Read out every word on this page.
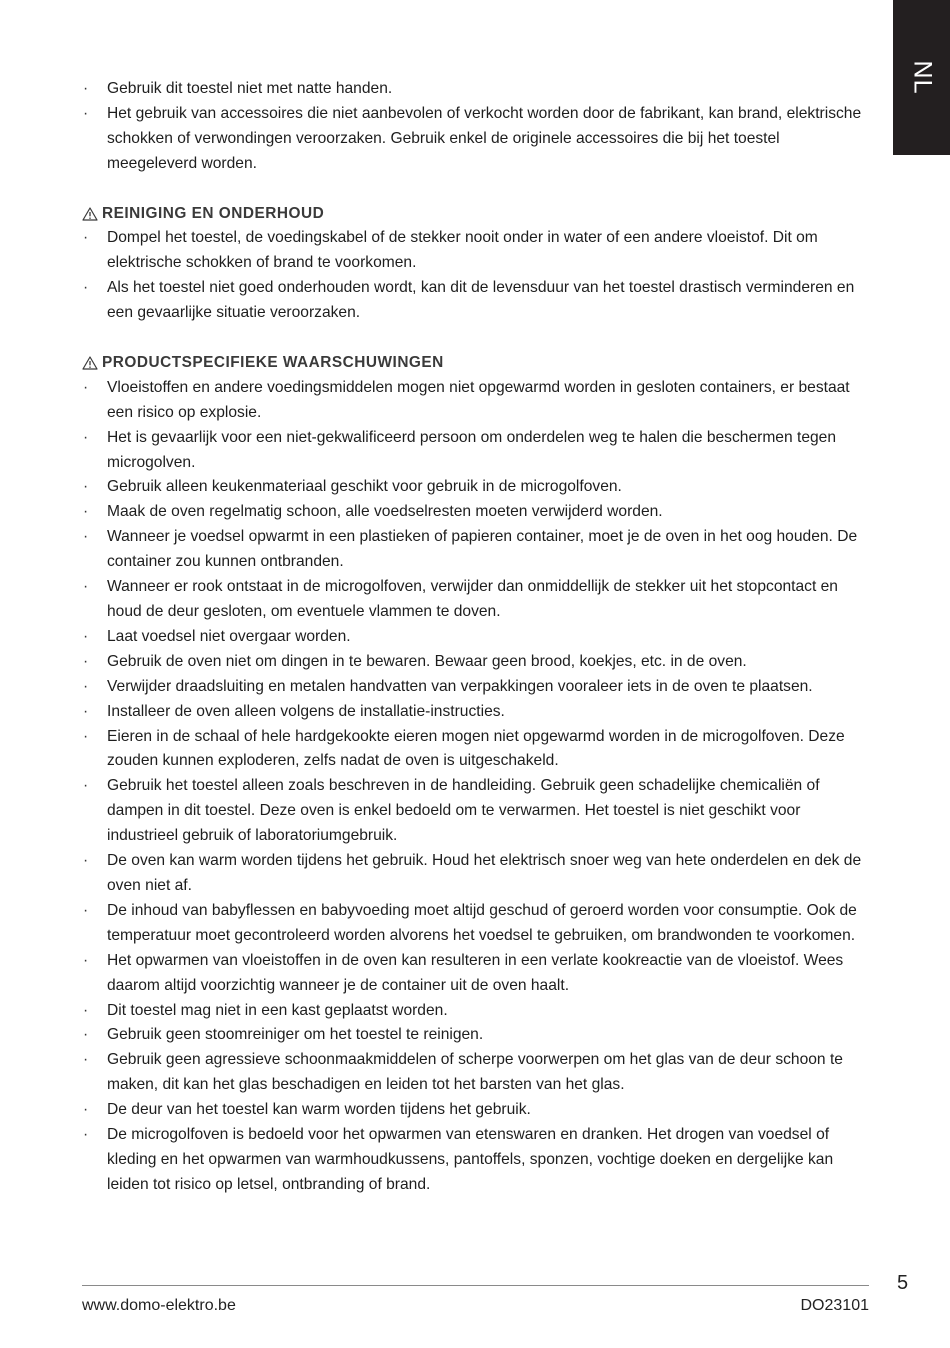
NL
· Gebruik dit toestel niet met natte handen.
· Het gebruik van accessoires die niet aanbevolen of verkocht worden door de fabrikant, kan brand, elektrische schokken of verwondingen veroorzaken. Gebruik enkel de originele accessoires die bij het toestel meegeleverd worden.
REINIGING EN ONDERHOUD
· Dompel het toestel, de voedingskabel of de stekker nooit onder in water of een andere vloeistof. Dit om elektrische schokken of brand te voorkomen.
· Als het toestel niet goed onderhouden wordt, kan dit de levensduur van het toestel drastisch verminderen en een gevaarlijke situatie veroorzaken.
PRODUCTSPECIFIEKE WAARSCHUWINGEN
· Vloeistoffen en andere voedingsmiddelen mogen niet opgewarmd worden in gesloten containers, er bestaat een risico op explosie.
· Het is gevaarlijk voor een niet-gekwalificeerd persoon om onderdelen weg te halen die beschermen tegen microgolven.
· Gebruik alleen keukenmateriaal geschikt voor gebruik in de microgolfoven.
· Maak de oven regelmatig schoon, alle voedselresten moeten verwijderd worden.
· Wanneer je voedsel opwarmt in een plastieken of papieren container, moet je de oven in het oog houden. De container zou kunnen ontbranden.
· Wanneer er rook ontstaat in de microgolfoven, verwijder dan onmiddellijk de stekker uit het stopcontact en houd de deur gesloten, om eventuele vlammen te doven.
· Laat voedsel niet overgaar worden.
· Gebruik de oven niet om dingen in te bewaren. Bewaar geen brood, koekjes, etc. in de oven.
· Verwijder draadsluiting en metalen handvatten van verpakkingen vooraleer iets in de oven te plaatsen.
· Installeer de oven alleen volgens de installatie-instructies.
· Eieren in de schaal of hele hardgekookte eieren mogen niet opgewarmd worden in de microgolfoven. Deze zouden kunnen exploderen, zelfs nadat de oven is uitgeschakeld.
· Gebruik het toestel alleen zoals beschreven in de handleiding. Gebruik geen schadelijke chemicaliën of dampen in dit toestel. Deze oven is enkel bedoeld om te verwarmen. Het toestel is niet geschikt voor industrieel gebruik of laboratoriumgebruik.
· De oven kan warm worden tijdens het gebruik. Houd het elektrisch snoer weg van hete onderdelen en dek de oven niet af.
· De inhoud van babyflessen en babyvoeding moet altijd geschud of geroerd worden voor consumptie. Ook de temperatuur moet gecontroleerd worden alvorens het voedsel te gebruiken, om brandwonden te voorkomen.
· Het opwarmen van vloeistoffen in de oven kan resulteren in een verlate kookreactie van de vloeistof. Wees daarom altijd voorzichtig wanneer je de container uit de oven haalt.
· Dit toestel mag niet in een kast geplaatst worden.
· Gebruik geen stoomreiniger om het toestel te reinigen.
· Gebruik geen agressieve schoonmaakmiddelen of scherpe voorwerpen om het glas van de deur schoon te maken, dit kan het glas beschadigen en leiden tot het barsten van het glas.
· De deur van het toestel kan warm worden tijdens het gebruik.
· De microgolfoven is bedoeld voor het opwarmen van etenswaren en dranken. Het drogen van voedsel of kleding en het opwarmen van warmhoudkussens, pantoffels, sponzen, vochtige doeken en dergelijke kan leiden tot risico op letsel, ontbranding of brand.
www.domo-elektro.be	DO23101
5
